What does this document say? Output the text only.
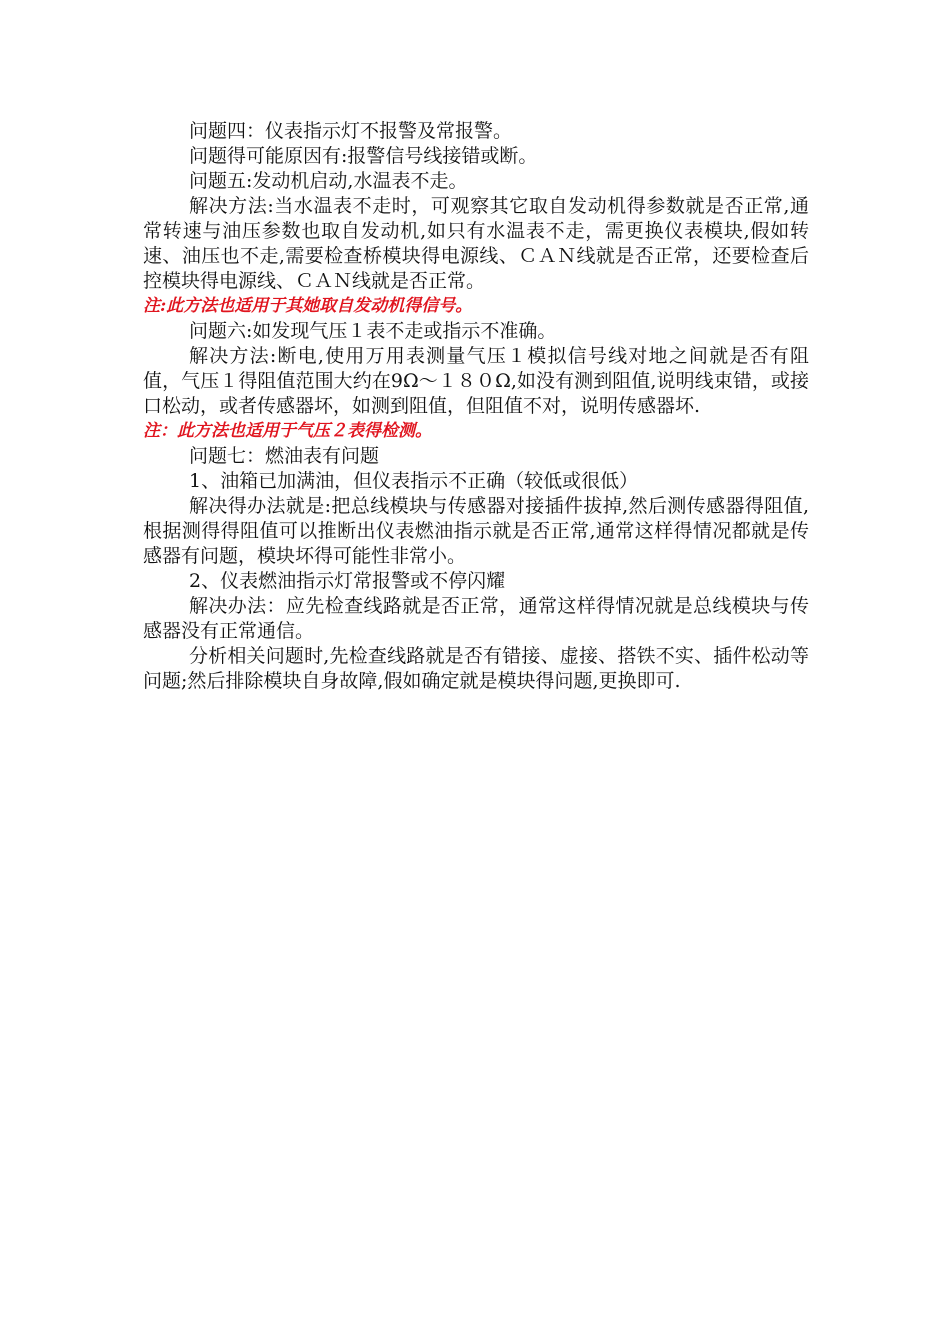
问题四：仪表指示灯不报警及常报警。

问题得可能原因有:报警信号线接错或断。

问题五:发动机启动,水温表不走。

解决方法:当水温表不走时，可观察其它取自发动机得参数就是否正常,通常转速与油压参数也取自发动机,如只有水温表不走，需更换仪表模块,假如转速、油压也不走,需要检查桥模块得电源线、ＣＡＮ线就是否正常，还要检查后控模块得电源线、ＣＡＮ线就是否正常。

注:此方法也适用于其她取自发动机得信号。

问题六:如发现气压１表不走或指示不准确。

解决方法:断电,使用万用表测量气压１模拟信号线对地之间就是否有阻值，气压１得阻值范围大约在9Ω～１８０Ω,如没有测到阻值,说明线束错，或接口松动，或者传感器坏，如测到阻值，但阻值不对，说明传感器坏.

注：此方法也适用于气压２表得检测。

问题七：燃油表有问题

1、油箱已加满油，但仪表指示不正确（较低或很低）

解决得办法就是:把总线模块与传感器对接插件拔掉,然后测传感器得阻值,根据测得得阻值可以推断出仪表燃油指示就是否正常,通常这样得情况都就是传感器有问题，模块坏得可能性非常小。

2、仪表燃油指示灯常报警或不停闪耀

解决办法：应先检查线路就是否正常，通常这样得情况就是总线模块与传感器没有正常通信。

分析相关问题时,先检查线路就是否有错接、虚接、搭铁不实、插件松动等问题;然后排除模块自身故障,假如确定就是模块得问题,更换即可.
